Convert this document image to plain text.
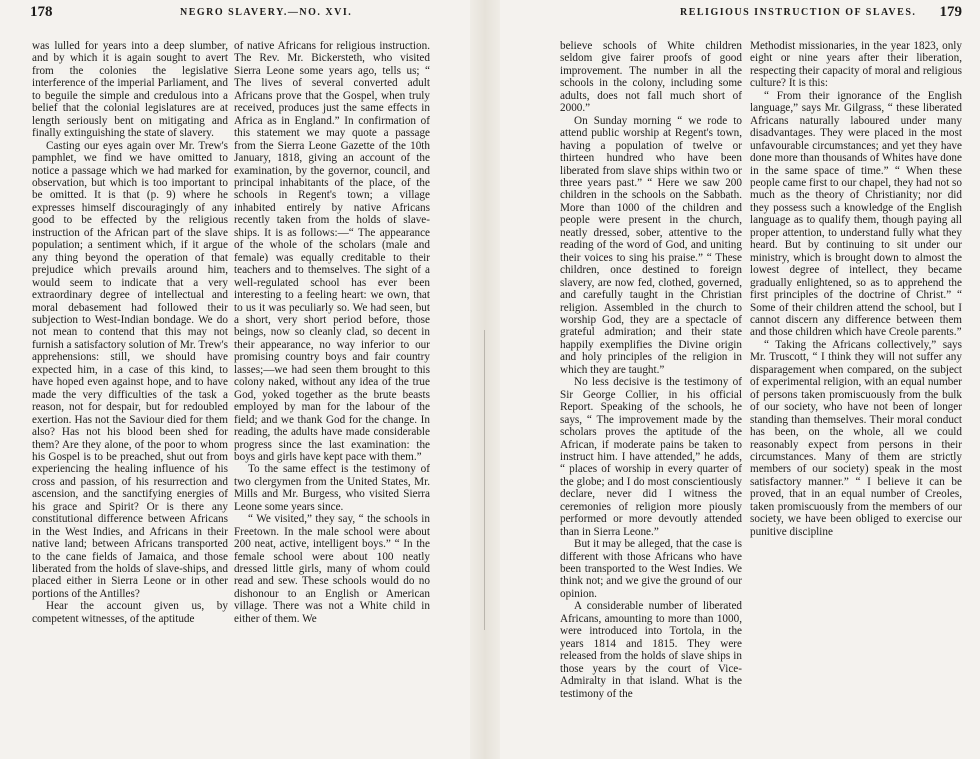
178	NEGRO SLAVERY.—NO. XVI.

was lulled for years into a deep slumber, and by which it is again sought to avert from the colonies the legislative interference of the imperial Parliament, and to beguile the simple and credulous into a belief that the colonial legislatures are at length seriously bent on mitigating and finally extinguishing the state of slavery.

Casting our eyes again over Mr. Trew's pamphlet, we find we have omitted to notice a passage which we had marked for observation, but which is too important to be omitted. It is that (p. 9) where he expresses himself discouragingly of any good to be effected by the religious instruction of the African part of the slave population; a sentiment which, if it argue any thing beyond the operation of that prejudice which prevails around him, would seem to indicate that a very extraordinary degree of intellectual and moral debasement had followed their subjection to West-Indian bondage. We do not mean to contend that this may not furnish a satisfactory solution of Mr. Trew's apprehensions: still, we should have expected him, in a case of this kind, to have hoped even against hope, and to have made the very difficulties of the task a reason, not for despair, but for redoubled exertion. Has not the Saviour died for them also? Has not his blood been shed for them? Are they alone, of the poor to whom his Gospel is to be preached, shut out from experiencing the healing influence of his cross and passion, of his resurrection and ascension, and the sanctifying energies of his grace and Spirit? Or is there any constitutional difference between Africans in the West Indies, and Africans in their native land; between Africans transported to the cane fields of Jamaica, and those liberated from the holds of slave-ships, and placed either in Sierra Leone or in other portions of the Antilles?

Hear the account given us, by competent witnesses, of the aptitude

of native Africans for religious instruction. The Rev. Mr. Bickersteth, who visited Sierra Leone some years ago, tells us; “ The lives of several converted adult Africans prove that the Gospel, when truly received, produces just the same effects in Africa as in England.” In confirmation of this statement we may quote a passage from the Sierra Leone Gazette of the 10th January, 1818, giving an account of the examination, by the governor, council, and principal inhabitants of the place, of the schools in Regent's town; a village inhabited entirely by native Africans recently taken from the holds of slave-ships. It is as follows:—“ The appearance of the whole of the scholars (male and female) was equally creditable to their teachers and to themselves. The sight of a well-regulated school has ever been interesting to a feeling heart: we own, that to us it was peculiarly so. We had seen, but a short, very short period before, those beings, now so cleanly clad, so decent in their appearance, no way inferior to our promising country boys and fair country lasses;—we had seen them brought to this colony naked, without any idea of the true God, yoked together as the brute beasts employed by man for the labour of the field; and we thank God for the change. In reading, the adults have made considerable progress since the last examination: the boys and girls have kept pace with them.”

To the same effect is the testimony of two clergymen from the United States, Mr. Mills and Mr. Burgess, who visited Sierra Leone some years since.

“ We visited,” they say, “ the schools in Freetown. In the male school were about 200 neat, active, intelligent boys.” “ In the female school were about 100 neatly dressed little girls, many of whom could read and sew. These schools would do no dishonour to an English or American village. There was not a White child in either of them. We

RELIGIOUS INSTRUCTION OF SLAVES. 179

believe schools of White children seldom give fairer proofs of good improvement. The number in all the schools in the colony, including some adults, does not fall much short of 2000.”

On Sunday morning “ we rode to attend public worship at Regent's town, having a population of twelve or thirteen hundred who have been liberated from slave ships within two or three years past.” “ Here we saw 200 children in the schools on the Sabbath. More than 1000 of the children and people were present in the church, neatly dressed, sober, attentive to the reading of the word of God, and uniting their voices to sing his praise.” “ These children, once destined to foreign slavery, are now fed, clothed, governed, and carefully taught in the Christian religion. Assembled in the church to worship God, they are a spectacle of grateful admiration; and their state happily exemplifies the Divine origin and holy principles of the religion in which they are taught.”

No less decisive is the testimony of Sir George Collier, in his official Report. Speaking of the schools, he says, “ The improvement made by the scholars proves the aptitude of the African, if moderate pains be taken to instruct him. I have attended,” he adds, “ places of worship in every quarter of the globe; and I do most conscientiously declare, never did I witness the ceremonies of religion more piously performed or more devoutly attended than in Sierra Leone.”

But it may be alleged, that the case is different with those Africans who have been transported to the West Indies. We think not; and we give the ground of our opinion.

A considerable number of liberated Africans, amounting to more than 1000, were introduced into Tortola, in the years 1814 and 1815. They were released from the holds of slave ships in those years by the court of Vice-Admiralty in that island. What is the testimony of the

Methodist missionaries, in the year 1823, only eight or nine years after their liberation, respecting their capacity of moral and religious culture? It is this:

“ From their ignorance of the English language,” says Mr. Gilgrass, “ these liberated Africans naturally laboured under many disadvantages. They were placed in the most unfavourable circumstances; and yet they have done more than thousands of Whites have done in the same space of time.” “ When these people came first to our chapel, they had not so much as the theory of Christianity; nor did they possess such a knowledge of the English language as to qualify them, though paying all proper attention, to understand fully what they heard. But by continuing to sit under our ministry, which is brought down to almost the lowest degree of intellect, they became gradually enlightened, so as to apprehend the first principles of the doctrine of Christ.” “ Some of their children attend the school, but I cannot discern any difference between them and those children which have Creole parents.”

“ Taking the Africans collectively,” says Mr. Truscott, “ I think they will not suffer any disparagement when compared, on the subject of experimental religion, with an equal number of persons taken promiscuously from the bulk of our society, who have not been of longer standing than themselves. Their moral conduct has been, on the whole, all we could reasonably expect from persons in their circumstances. Many of them are strictly members of our society) speak in the most satisfactory manner.” “ I believe it can be proved, that in an equal number of Creoles, taken promiscuously from the members of our society, we have been obliged to exercise our punitive discipline
